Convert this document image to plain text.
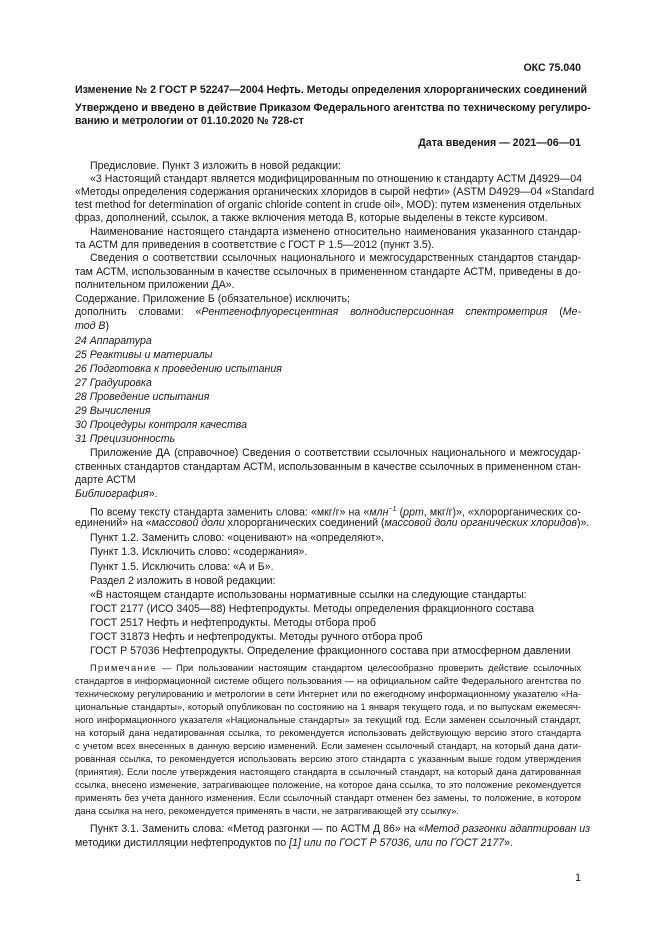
ОКС 75.040
Изменение № 2 ГОСТ Р 52247—2004 Нефть. Методы определения хлорорганических соединений
Утверждено и введено в действие Приказом Федерального агентства по техническому регулиро-
ванию и метрологии от 01.10.2020 № 728-ст
Дата введения — 2021—06—01
Предисловие. Пункт 3 изложить в новой редакции:
«3 Настоящий стандарт является модифицированным по отношению к стандарту АСТМ Д4929—04
«Методы определения содержания органических хлоридов в сырой нефти» (ASTM D4929—04 «Standard
test method for determination of organic chloride content in crude oil», MOD): путем изменения отдельных
фраз, дополнений, ссылок, а также включения метода В, которые выделены в тексте курсивом.
Наименование настоящего стандарта изменено относительно наименования указанного стандар-
та АСТМ для приведения в соответствие с ГОСТ Р 1.5—2012 (пункт 3.5).
Сведения о соответствии ссылочных национального и межгосударственных стандартов стандар-
там АСТМ, использованным в качестве ссылочных в примененном стандарте АСТМ, приведены в до-
полнительном приложении ДА».
Содержание. Приложение Б (обязательное) исключить;
дополнить словами: «Рентгенофлуоресцентная волнодисперсионная спектрометрия (Ме-
тод В)
24 Аппаратура
25 Реактивы и материалы
26 Подготовка к проведению испытания
27 Градуировка
28 Проведение испытания
29 Вычисления
30 Процедуры контроля качества
31 Прецизионность
Приложение ДА (справочное) Сведения о соответствии ссылочных национального и межгосудар-
ственных стандартов стандартам АСТМ, использованным в качестве ссылочных в примененном стан-
дарте АСТМ
Библиография».
По всему тексту стандарта заменить слова: «мкг/г» на «млн$^{-1}$ (ppm, мкг/г)», «хлорорганических со-
единений» на «массовой доли хлорорганических соединений (массовой доли органических хлоридов)».
Пункт 1.2. Заменить слово: «оценивают» на «определяют».
Пункт 1.3. Исключить слово: «содержания».
Пункт 1.5. Исключить слова: «А и Б».
Раздел 2 изложить в новой редакции:
«В настоящем стандарте использованы нормативные ссылки на следующие стандарты:
ГОСТ 2177 (ИСО 3405—88) Нефтепродукты. Методы определения фракционного состава
ГОСТ 2517 Нефть и нефтепродукты. Методы отбора проб
ГОСТ 31873 Нефть и нефтепродукты. Методы ручного отбора проб
ГОСТ Р 57036 Нефтепродукты. Определение фракционного состава при атмосферном давлении
Примечание — При пользовании настоящим стандартом целесообразно проверить действие ссылочных
стандартов в информационной системе общего пользования — на официальном сайте Федерального агентства по
техническому регулированию и метрологии в сети Интернет или по ежегодному информационному указателю «На-
циональные стандарты», который опубликован по состоянию на 1 января текущего года, и по выпускам ежемесяч-
ного информационного указателя «Национальные стандарты» за текущий год. Если заменен ссылочный стандарт,
на который дана недатированная ссылка, то рекомендуется использовать действующую версию этого стандарта
с учетом всех внесенных в данную версию изменений. Если заменен ссылочный стандарт, на который дана дати-
рованная ссылка, то рекомендуется использовать версию этого стандарта с указанным выше годом утверждения
(принятия). Если после утверждения настоящего стандарта в ссылочный стандарт, на который дана датированная
ссылка, внесено изменение, затрагивающее положение, на которое дана ссылка, то это положение рекомендуется
применять без учета данного изменения. Если ссылочный стандарт отменен без замены, то положение, в котором
дана ссылка на него, рекомендуется применять в части, не затрагивающей эту ссылку».
Пункт 3.1. Заменить слова: «Метод разгонки — по АСТМ Д 86» на «Метод разгонки адаптирован из
методики дистилляции нефтепродуктов по [1] или по ГОСТ Р 57036, или по ГОСТ 2177».
1
